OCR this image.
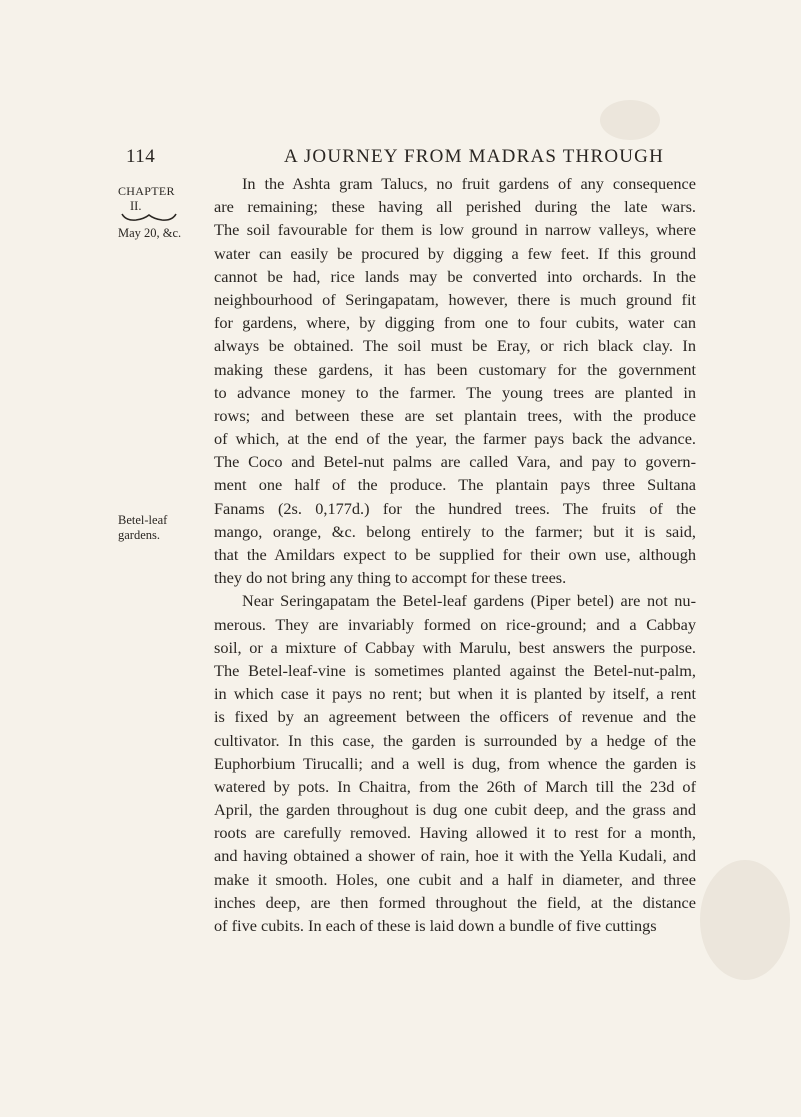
114	A JOURNEY FROM MADRAS THROUGH
CHAPTER
II.
May 20, &c.
Betel-leaf
gardens.
In the Ashta gram Talucs, no fruit gardens of any consequence
are remaining; these having all perished during the late wars.
The soil favourable for them is low ground in narrow valleys, where
water can easily be procured by digging a few feet. If this ground
cannot be had, rice lands may be converted into orchards. In the
neighbourhood of Seringapatam, however, there is much ground fit
for gardens, where, by digging from one to four cubits, water can
always be obtained. The soil must be Eray, or rich black clay. In
making these gardens, it has been customary for the government
to advance money to the farmer. The young trees are planted in
rows; and between these are set plantain trees, with the produce
of which, at the end of the year, the farmer pays back the advance.
The Coco and Betel-nut palms are called Vara, and pay to govern-
ment one half of the produce. The plantain pays three Sultana
Fanams (2s. 0,177d.) for the hundred trees. The fruits of the
mango, orange, &c. belong entirely to the farmer; but it is said,
that the Amildars expect to be supplied for their own use, although
they do not bring any thing to accompt for these trees.
Near Seringapatam the Betel-leaf gardens (Piper betel) are not nu-
merous. They are invariably formed on rice-ground; and a Cabbay
soil, or a mixture of Cabbay with Marulu, best answers the purpose.
The Betel-leaf-vine is sometimes planted against the Betel-nut-palm,
in which case it pays no rent; but when it is planted by itself, a rent
is fixed by an agreement between the officers of revenue and the
cultivator. In this case, the garden is surrounded by a hedge of the
Euphorbium Tirucalli; and a well is dug, from whence the garden is
watered by pots. In Chaitra, from the 26th of March till the 23d of
April, the garden throughout is dug one cubit deep, and the grass and
roots are carefully removed. Having allowed it to rest for a month,
and having obtained a shower of rain, hoe it with the Yella Kudali, and
make it smooth. Holes, one cubit and a half in diameter, and three
inches deep, are then formed throughout the field, at the distance
of five cubits. In each of these is laid down a bundle of five cuttings
